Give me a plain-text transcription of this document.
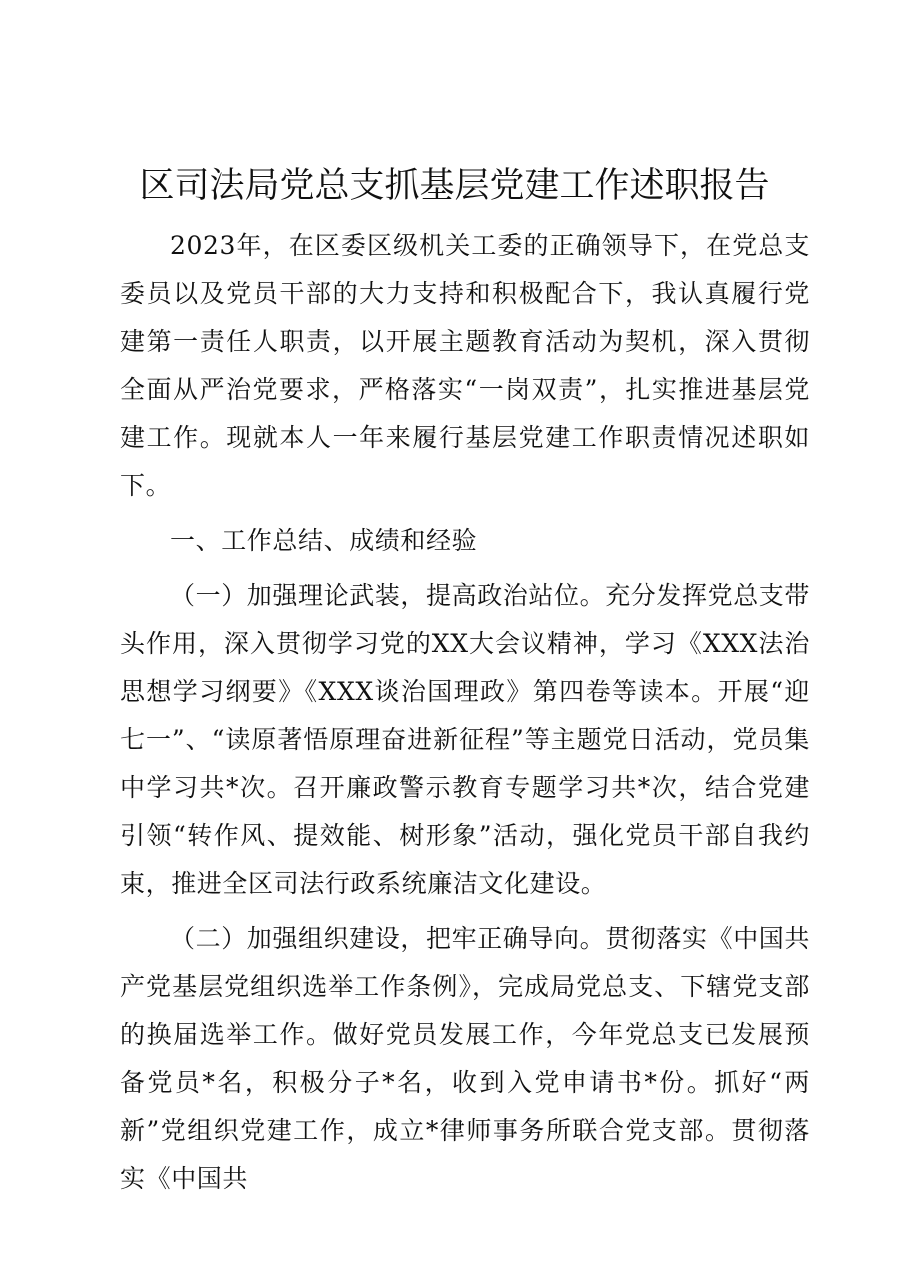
区司法局党总支抓基层党建工作述职报告

2023年，在区委区级机关工委的正确领导下，在党总支委员以及党员干部的大力支持和积极配合下，我认真履行党建第一责任人职责，以开展主题教育活动为契机，深入贯彻全面从严治党要求，严格落实“一岗双责”，扎实推进基层党建工作。现就本人一年来履行基层党建工作职责情况述职如下。

一、工作总结、成绩和经验

（一）加强理论武装，提高政治站位。充分发挥党总支带头作用，深入贯彻学习党的XX大会议精神，学习《XXX法治思想学习纲要》《XXX谈治国理政》第四卷等读本。开展“迎七一”、“读原著悟原理奋进新征程”等主题党日活动，党员集中学习共*次。召开廉政警示教育专题学习共*次，结合党建引领“转作风、提效能、树形象”活动，强化党员干部自我约束，推进全区司法行政系统廉洁文化建设。

（二）加强组织建设，把牢正确导向。贯彻落实《中国共产党基层党组织选举工作条例》，完成局党总支、下辖党支部的换届选举工作。做好党员发展工作，今年党总支已发展预备党员*名，积极分子*名，收到入党申请书*份。抓好“两新”党组织党建工作，成立*律师事务所联合党支部。贯彻落实《中国共
